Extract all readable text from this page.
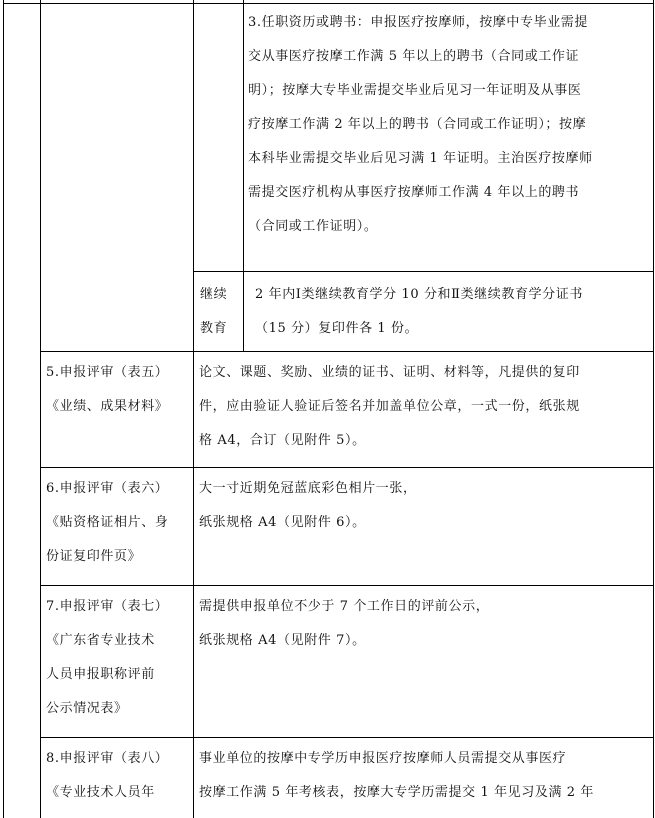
3.任职资历或聘书：申报医疗按摩师，按摩中专毕业需提
交从事医疗按摩工作满 5 年以上的聘书（合同或工作证
明）；按摩大专毕业需提交毕业后见习一年证明及从事医
疗按摩工作满 2 年以上的聘书（合同或工作证明）；按摩
本科毕业需提交毕业后见习满 1 年证明。主治医疗按摩师
需提交医疗机构从事医疗按摩师工作满 4 年以上的聘书
（合同或工作证明）。
继续
教育
2 年内Ⅰ类继续教育学分 10 分和Ⅱ类继续教育学分证书
（15 分）复印件各 1 份。
5.申报评审（表五）
《业绩、成果材料》
论文、课题、奖励、业绩的证书、证明、材料等，凡提供的复印
件，应由验证人验证后签名并加盖单位公章，一式一份，纸张规
格 A4，合订（见附件 5）。
6.申报评审（表六）
《贴资格证相片、身
份证复印件页》
大一寸近期免冠蓝底彩色相片一张，
纸张规格 A4（见附件 6）。
7.申报评审（表七）
《广东省专业技术
人员申报职称评前
公示情况表》
需提供申报单位不少于 7 个工作日的评前公示，
纸张规格 A4（见附件 7）。
8.申报评审（表八）
《专业技术人员年
事业单位的按摩中专学历申报医疗按摩师人员需提交从事医疗
按摩工作满 5 年考核表，按摩大专学历需提交 1 年见习及满 2 年
